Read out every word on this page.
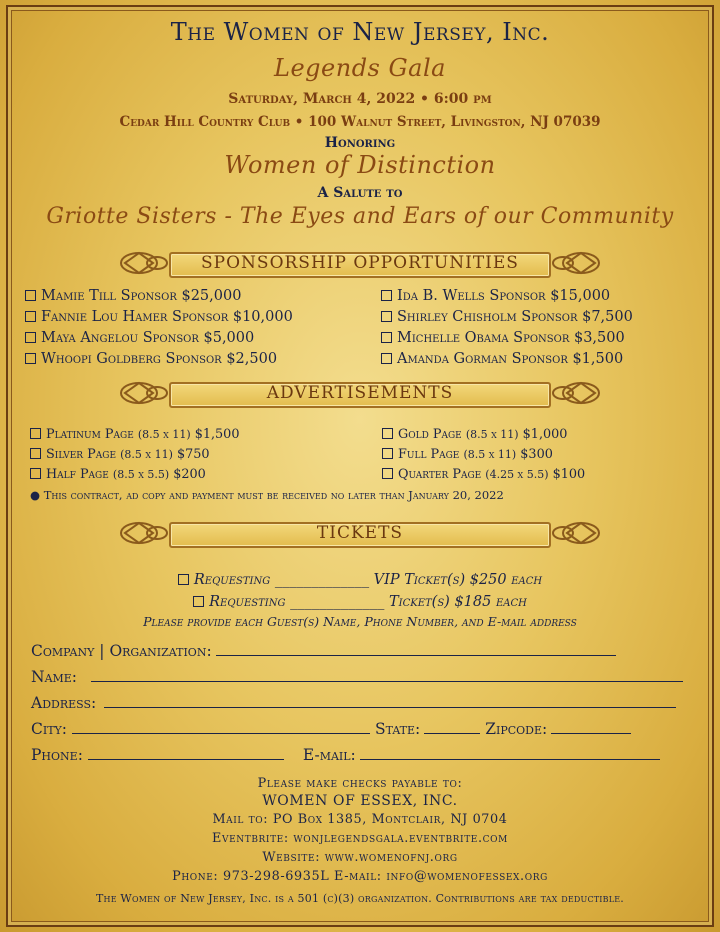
The Women of New Jersey, Inc.
Legends Gala
Saturday, March 4, 2022 • 6:00 pm
Cedar Hill Country Club • 100 Walnut Street, Livingston, NJ 07039
Honoring
Women of Distinction
A Salute to
Griotte Sisters - The Eyes and Ears of our Community
SPONSORSHIP OPPORTUNITIES
Mamie Till Sponsor $25,000
Fannie Lou Hamer Sponsor $10,000
Maya Angelou Sponsor $5,000
Whoopi Goldberg Sponsor $2,500
Ida B. Wells Sponsor $15,000
Shirley Chisholm Sponsor $7,500
Michelle Obama Sponsor $3,500
Amanda Gorman Sponsor $1,500
ADVERTISEMENTS
Platinum Page (8.5 x 11) $1,500
Silver Page (8.5 x 11) $750
Half Page (8.5 x 5.5) $200
Gold Page (8.5 x 11) $1,000
Full Page (8.5 x 11) $300
Quarter Page (4.25 x 5.5) $100
● This contract, ad copy and payment must be received no later than January 20, 2022
TICKETS
Requesting _____________ VIP Ticket(s) $250 each
Requesting _____________ Ticket(s) $185 each
Please provide each Guest(s) Name, Phone Number, and E-mail address
Company | Organization:
Name:
Address:
City:	State:	Zipcode:
Phone:	E-mail:
Please make checks payable to:
WOMEN OF ESSEX, INC.
Mail to: PO Box 1385, Montclair, NJ 0704
Eventbrite: wonjlegendsgala.eventbrite.com
Website: www.womenofnj.org
Phone: 973-298-6935L E-mail: info@womenofessex.org
The Women of New Jersey, Inc. is a 501 (c)(3) organization. Contributions are tax deductible.
